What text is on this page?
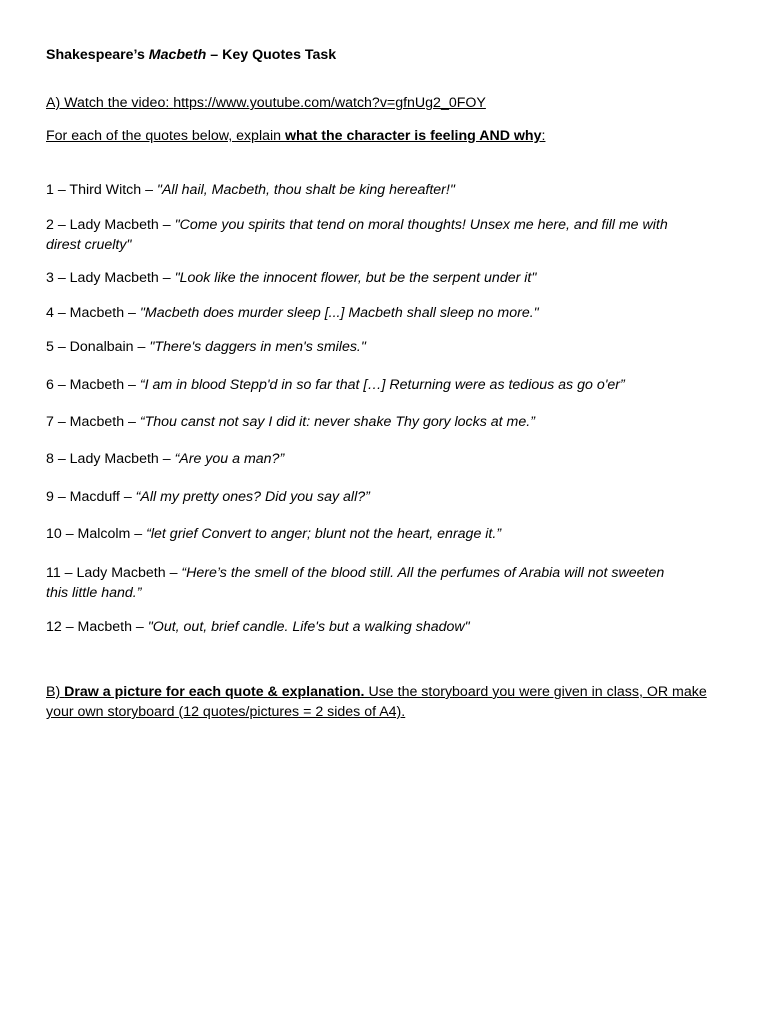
Shakespeare’s Macbeth – Key Quotes Task
A) Watch the video: https://www.youtube.com/watch?v=gfnUg2_0FOY
For each of the quotes below, explain what the character is feeling AND why:
1 – Third Witch – "All hail, Macbeth, thou shalt be king hereafter!"
2 – Lady Macbeth – "Come you spirits that tend on moral thoughts! Unsex me here, and fill me with direst cruelty"
3 – Lady Macbeth – "Look like the innocent flower, but be the serpent under it"
4 – Macbeth – "Macbeth does murder sleep [...] Macbeth shall sleep no more."
5 – Donalbain – "There's daggers in men's smiles."
6 – Macbeth – “I am in blood Stepp'd in so far that […] Returning were as tedious as go o'er”
7 – Macbeth – “Thou canst not say I did it: never shake Thy gory locks at me.”
8 – Lady Macbeth – “Are you a man?”
9 – Macduff – “All my pretty ones? Did you say all?”
10 – Malcolm – “let grief Convert to anger; blunt not the heart, enrage it.”
11 – Lady Macbeth – “Here’s the smell of the blood still. All the perfumes of Arabia will not sweeten this little hand.”
12 – Macbeth – "Out, out, brief candle. Life's but a walking shadow"
B) Draw a picture for each quote & explanation. Use the storyboard you were given in class, OR make your own storyboard (12 quotes/pictures = 2 sides of A4).
